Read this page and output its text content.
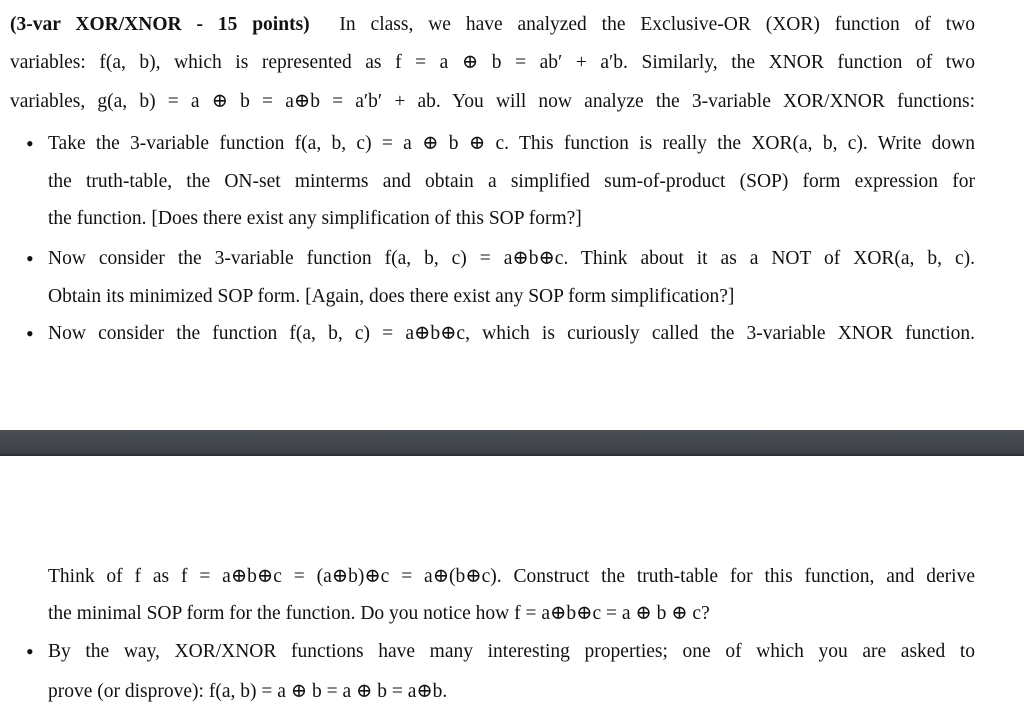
(3-var XOR/XNOR - 15 points) In class, we have analyzed the Exclusive-OR (XOR) function of two
variables: f(a, b), which is represented as f = a ⊕ b = ab′ + a′b. Similarly, the XNOR function of two
variables, g(a, b) = a ⊕ b = a⊕b = a′b′ + ab. You will now analyze the 3-variable XOR/XNOR functions:
• Take the 3-variable function f(a, b, c) = a ⊕ b ⊕ c. This function is really the XOR(a, b, c). Write down
the truth-table, the ON-set minterms and obtain a simplified sum-of-product (SOP) form expression for
the function. [Does there exist any simplification of this SOP form?]
• Now consider the 3-variable function f(a, b, c) = a⊕b⊕c. Think about it as a NOT of XOR(a, b, c).
Obtain its minimized SOP form. [Again, does there exist any SOP form simplification?]
• Now consider the function f(a, b, c) = a⊕b⊕c, which is curiously called the 3-variable XNOR function.
Think of f as f = a⊕b⊕c = (a⊕b)⊕c = a⊕(b⊕c). Construct the truth-table for this function, and derive
the minimal SOP form for the function. Do you notice how f = a⊕b⊕c = a ⊕ b ⊕ c?
• By the way, XOR/XNOR functions have many interesting properties; one of which you are asked to
prove (or disprove): f(a, b) = a ⊕ b = a ⊕ b = a⊕b.
